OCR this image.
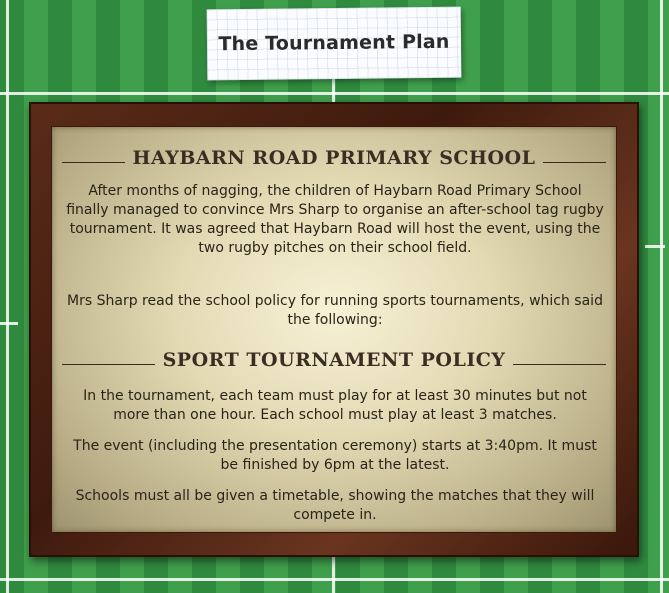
The Tournament Plan
HAYBARN ROAD PRIMARY SCHOOL

After months of nagging, the children of Haybarn Road Primary School finally managed to convince Mrs Sharp to organise an after-school tag rugby tournament. It was agreed that Haybarn Road will host the event, using the two rugby pitches on their school field.

Mrs Sharp read the school policy for running sports tournaments, which said the following:

SPORT TOURNAMENT POLICY

In the tournament, each team must play for at least 30 minutes but not more than one hour. Each school must play at least 3 matches.

The event (including the presentation ceremony) starts at 3:40pm. It must be finished by 6pm at the latest.

Schools must all be given a timetable, showing the matches that they will compete in.
